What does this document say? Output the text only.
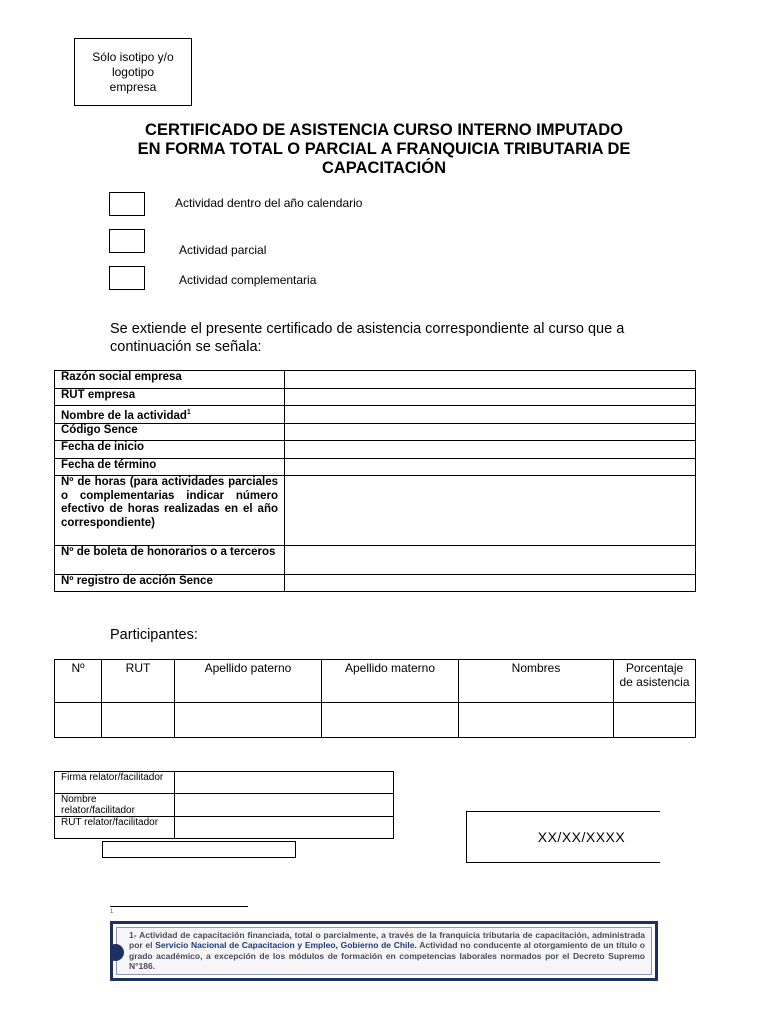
Sólo isotipo y/o
logotipo
empresa
CERTIFICADO DE ASISTENCIA CURSO INTERNO IMPUTADO
EN FORMA TOTAL O PARCIAL A FRANQUICIA TRIBUTARIA DE
CAPACITACIÓN
Actividad dentro del año calendario
Actividad parcial
Actividad complementaria
Se extiende el presente certificado de asistencia correspondiente al curso que a continuación se señala:
Razón social empresa	
RUT empresa	
Nombre de la actividad$^1$	
Código Sence	
Fecha de inicio	
Fecha de término	
Nº de horas (para actividades parciales o complementarias indicar número efectivo de horas realizadas en el año correspondiente)	
Nº de boleta de honorarios o a terceros	
Nº registro de acción Sence	
Participantes:
Nº	RUT	Apellido paterno	Apellido materno	Nombres	Porcentaje de asistencia

Firma relator/facilitador	
Nombre relator/facilitador	
RUT relator/facilitador	
XX/XX/XXXX
1
1- Actividad de capacitación financiada, total o parcialmente, a través de la franquicia tributaria de capacitación, administrada por el Servicio Nacional de Capacitacion y Empleo, Gobierno de Chile. Actividad no conducente al otorgamiento de un título o grado académico, a excepción de los módulos de formación en competencias laborales normados por el Decreto Supremo N°186.
